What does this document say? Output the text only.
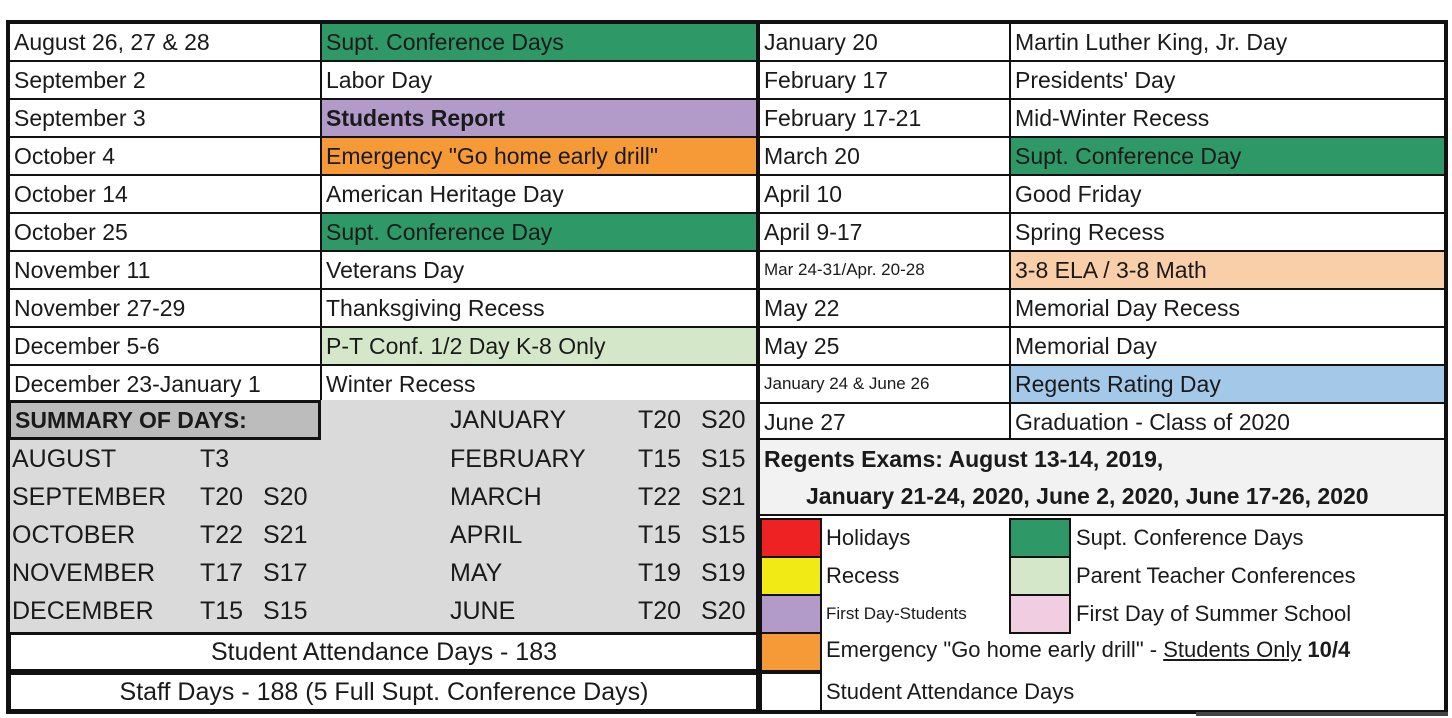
August 26, 27 & 28	Supt. Conference Days
September 2	Labor Day
September 3	Students Report
October 4	Emergency "Go home early drill"
October 14	American Heritage Day
October 25	Supt. Conference Day
November 11	Veterans Day
November 27-29	Thanksgiving Recess
December 5-6	P-T Conf. 1/2 Day K-8 Only
December 23-January 1	Winter Recess
January 20	Martin Luther King, Jr. Day
February 17	Presidents' Day
February 17-21	Mid-Winter Recess
March 20	Supt. Conference Day
April 10	Good Friday
April 9-17	Spring Recess
Mar 24-31/Apr. 20-28	3-8 ELA / 3-8 Math
May 22	Memorial Day Recess
May 25	Memorial Day
January 24 & June 26	Regents Rating Day
June 27	Graduation - Class of 2020
SUMMARY OF DAYS:
AUGUST	T3
SEPTEMBER T20 S20
OCTOBER	T22 S21
NOVEMBER T17 S17
DECEMBER T15 S15
JANUARY	T20 S20
FEBRUARY T15 S15
MARCH	T22 S21
APRIL	T15 S15
MAY	T19 S19
JUNE	T20 S20
Student Attendance Days - 183
Staff Days - 188 (5 Full Supt. Conference Days)
Regents Exams: August 13-14, 2019,
January 21-24, 2020, June 2, 2020, June 17-26, 2020
Holidays
Recess
First Day-Students
Supt. Conference Days
Parent Teacher Conferences
First Day of Summer School
Emergency "Go home early drill" - Students Only 10/4
Student Attendance Days
